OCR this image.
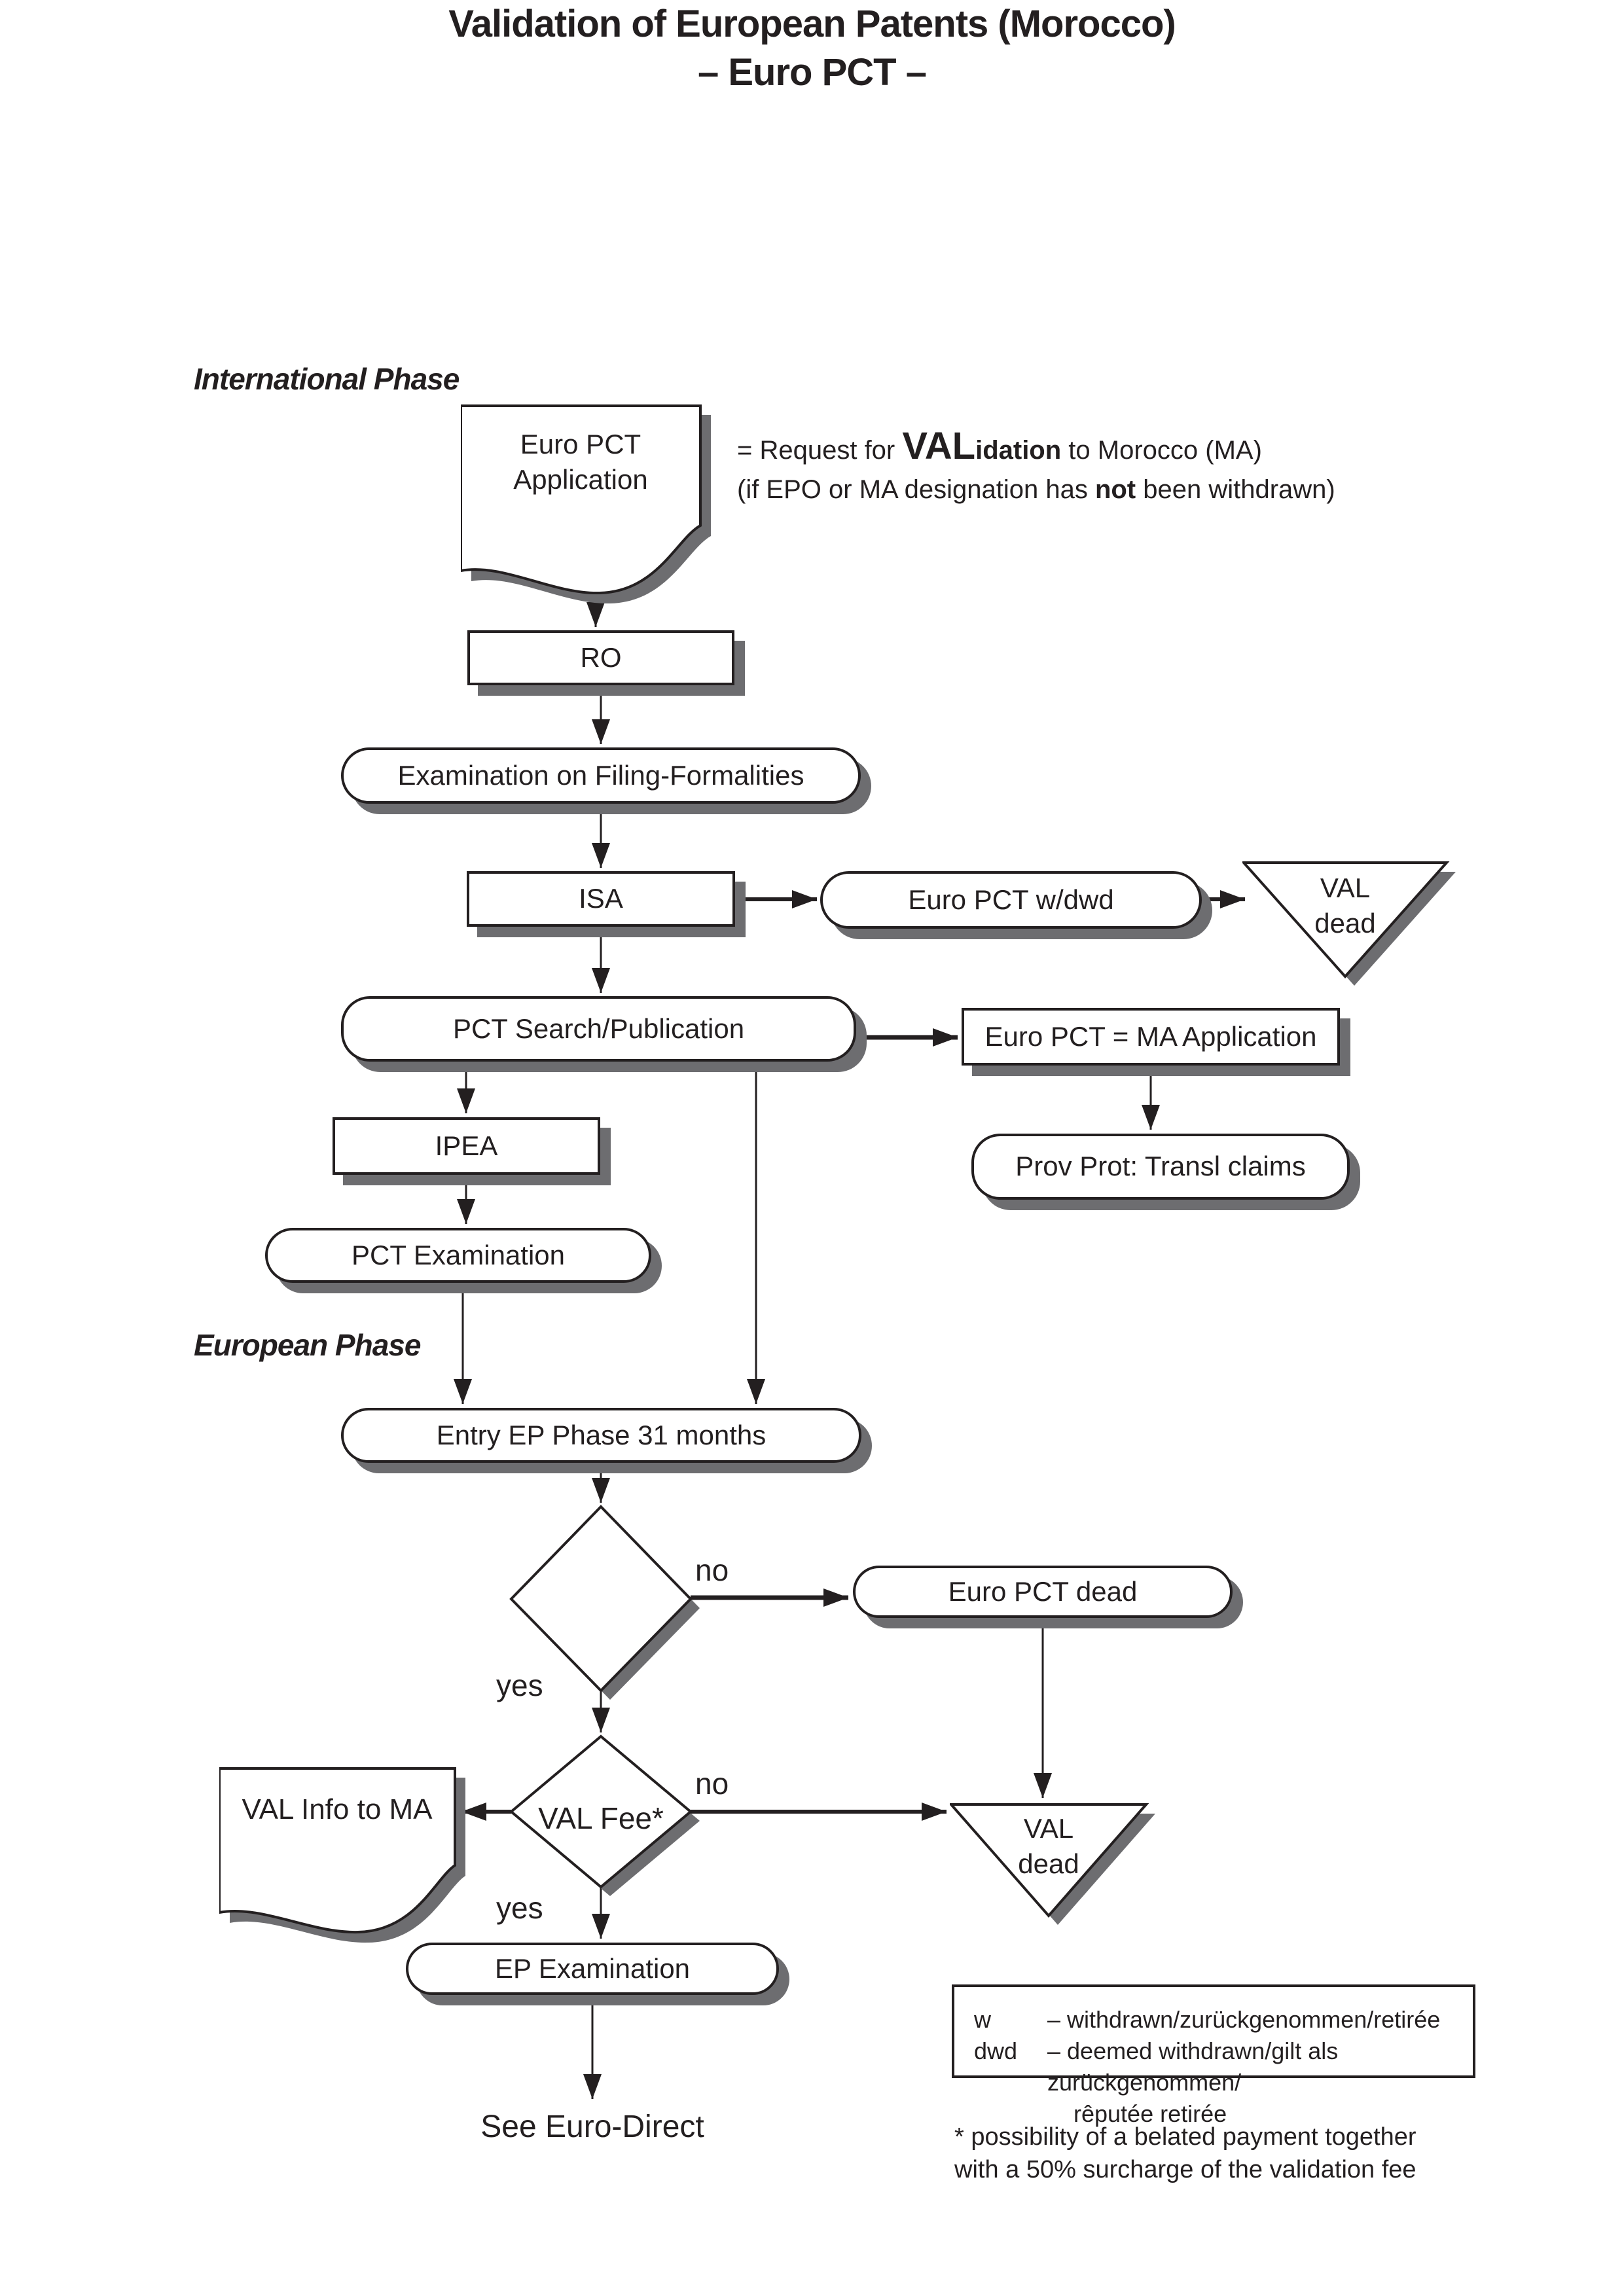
Validation of European Patents (Morocco)
– Euro PCT –
International Phase
European Phase
Euro PCT
Application
= Request for VALidation to Morocco (MA)
(if EPO or MA designation has not been withdrawn)
RO
Examination on Filing-Formalities
ISA	Euro PCT w/dwd	VAL
dead
PCT Search/Publication	Euro PCT = MA Application
IPEA
Prov Prot: Transl claims
PCT Examination
Entry EP Phase 31 months
no
yes
Euro PCT dead
VAL Info to MA	VAL Fee*
no
yes
VAL
dead
EP Examination
See Euro-Direct
w	– withdrawn/zurückgenommen/retirée
dwd	– deemed withdrawn/gilt als zurückgenommen/
rêputée retirée
* possibility of a belated payment together
with a 50% surcharge of the validation fee
